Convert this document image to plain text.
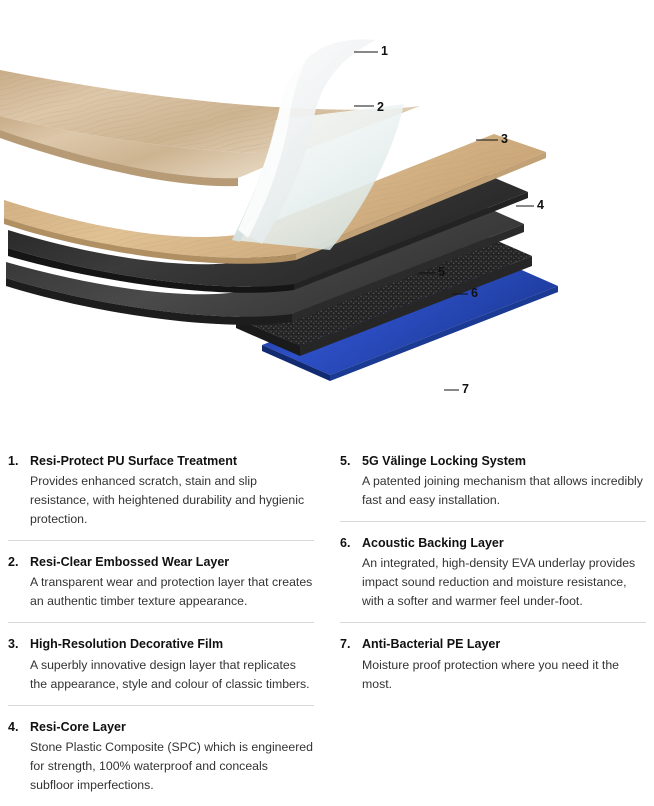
1
2
3
4
5
6
7
1. Resi-Protect PU Surface Treatment

Provides enhanced scratch, stain and slip resistance, with heightened durability and hygienic protection.

2. Resi-Clear Embossed Wear Layer

A transparent wear and protection layer that creates an authentic timber texture appearance.

3. High-Resolution Decorative Film

A superbly innovative design layer that replicates the appearance, style and colour of classic timbers.

4. Resi-Core Layer

Stone Plastic Composite (SPC) which is engineered for strength, 100% waterproof and conceals subfloor imperfections.

5. 5G Välinge Locking System

A patented joining mechanism that allows incredibly fast and easy installation.

6. Acoustic Backing Layer

An integrated, high-density EVA underlay provides impact sound reduction and moisture resistance, with a softer and warmer feel under-foot.

7. Anti-Bacterial PE Layer

Moisture proof protection where you need it the most.
